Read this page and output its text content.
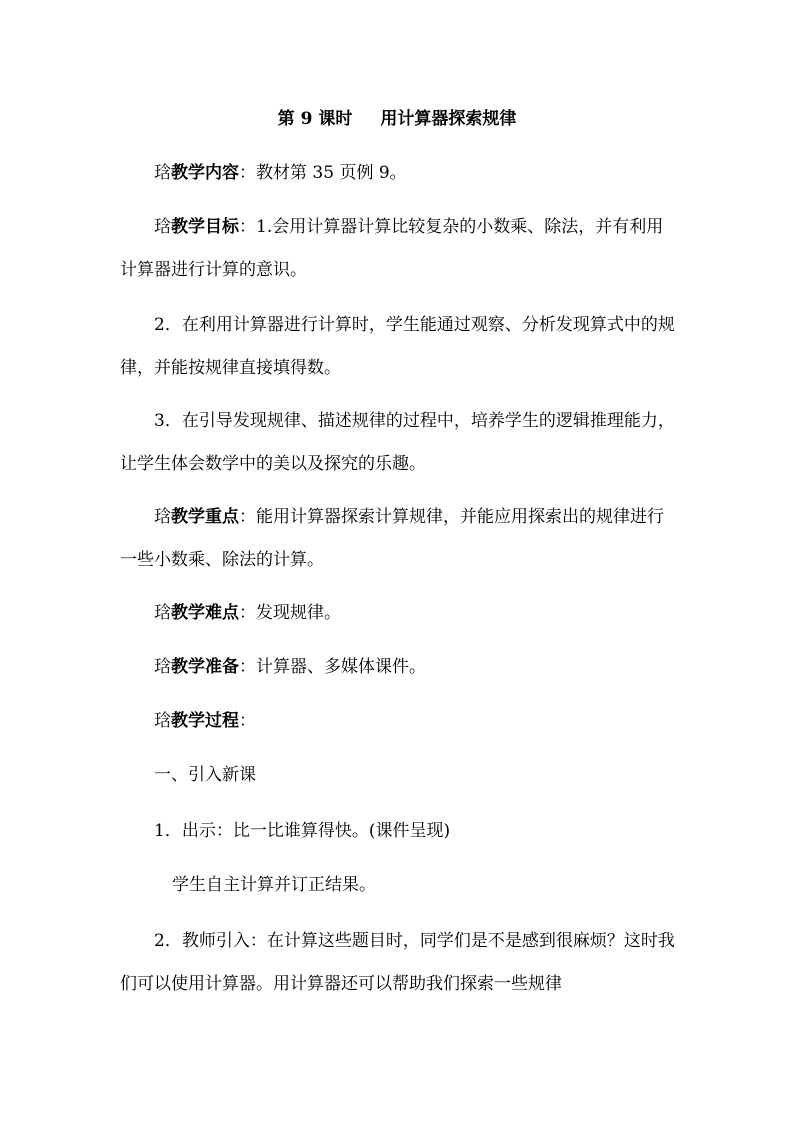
第 9 课时 用计算器探索规律
琀教学内容：教材第 35 页例 9。
琀教学目标：1.会用计算器计算比较复杂的小数乘、除法，并有利用计算器进行计算的意识。
2．在利用计算器进行计算时，学生能通过观察、分析发现算式中的规律，并能按规律直接填得数。
3．在引导发现规律、描述规律的过程中，培养学生的逻辑推理能力，让学生体会数学中的美以及探究的乐趣。
琀教学重点：能用计算器探索计算规律，并能应用探索出的规律进行一些小数乘、除法的计算。
琀教学难点：发现规律。
琀教学准备：计算器、多媒体课件。
琀教学过程：
一、引入新课
1．出示：比一比谁算得快。(课件呈现)
学生自主计算并订正结果。
2．教师引入：在计算这些题目时，同学们是不是感到很麻烦？这时我们可以使用计算器。用计算器还可以帮助我们探索一些规律
